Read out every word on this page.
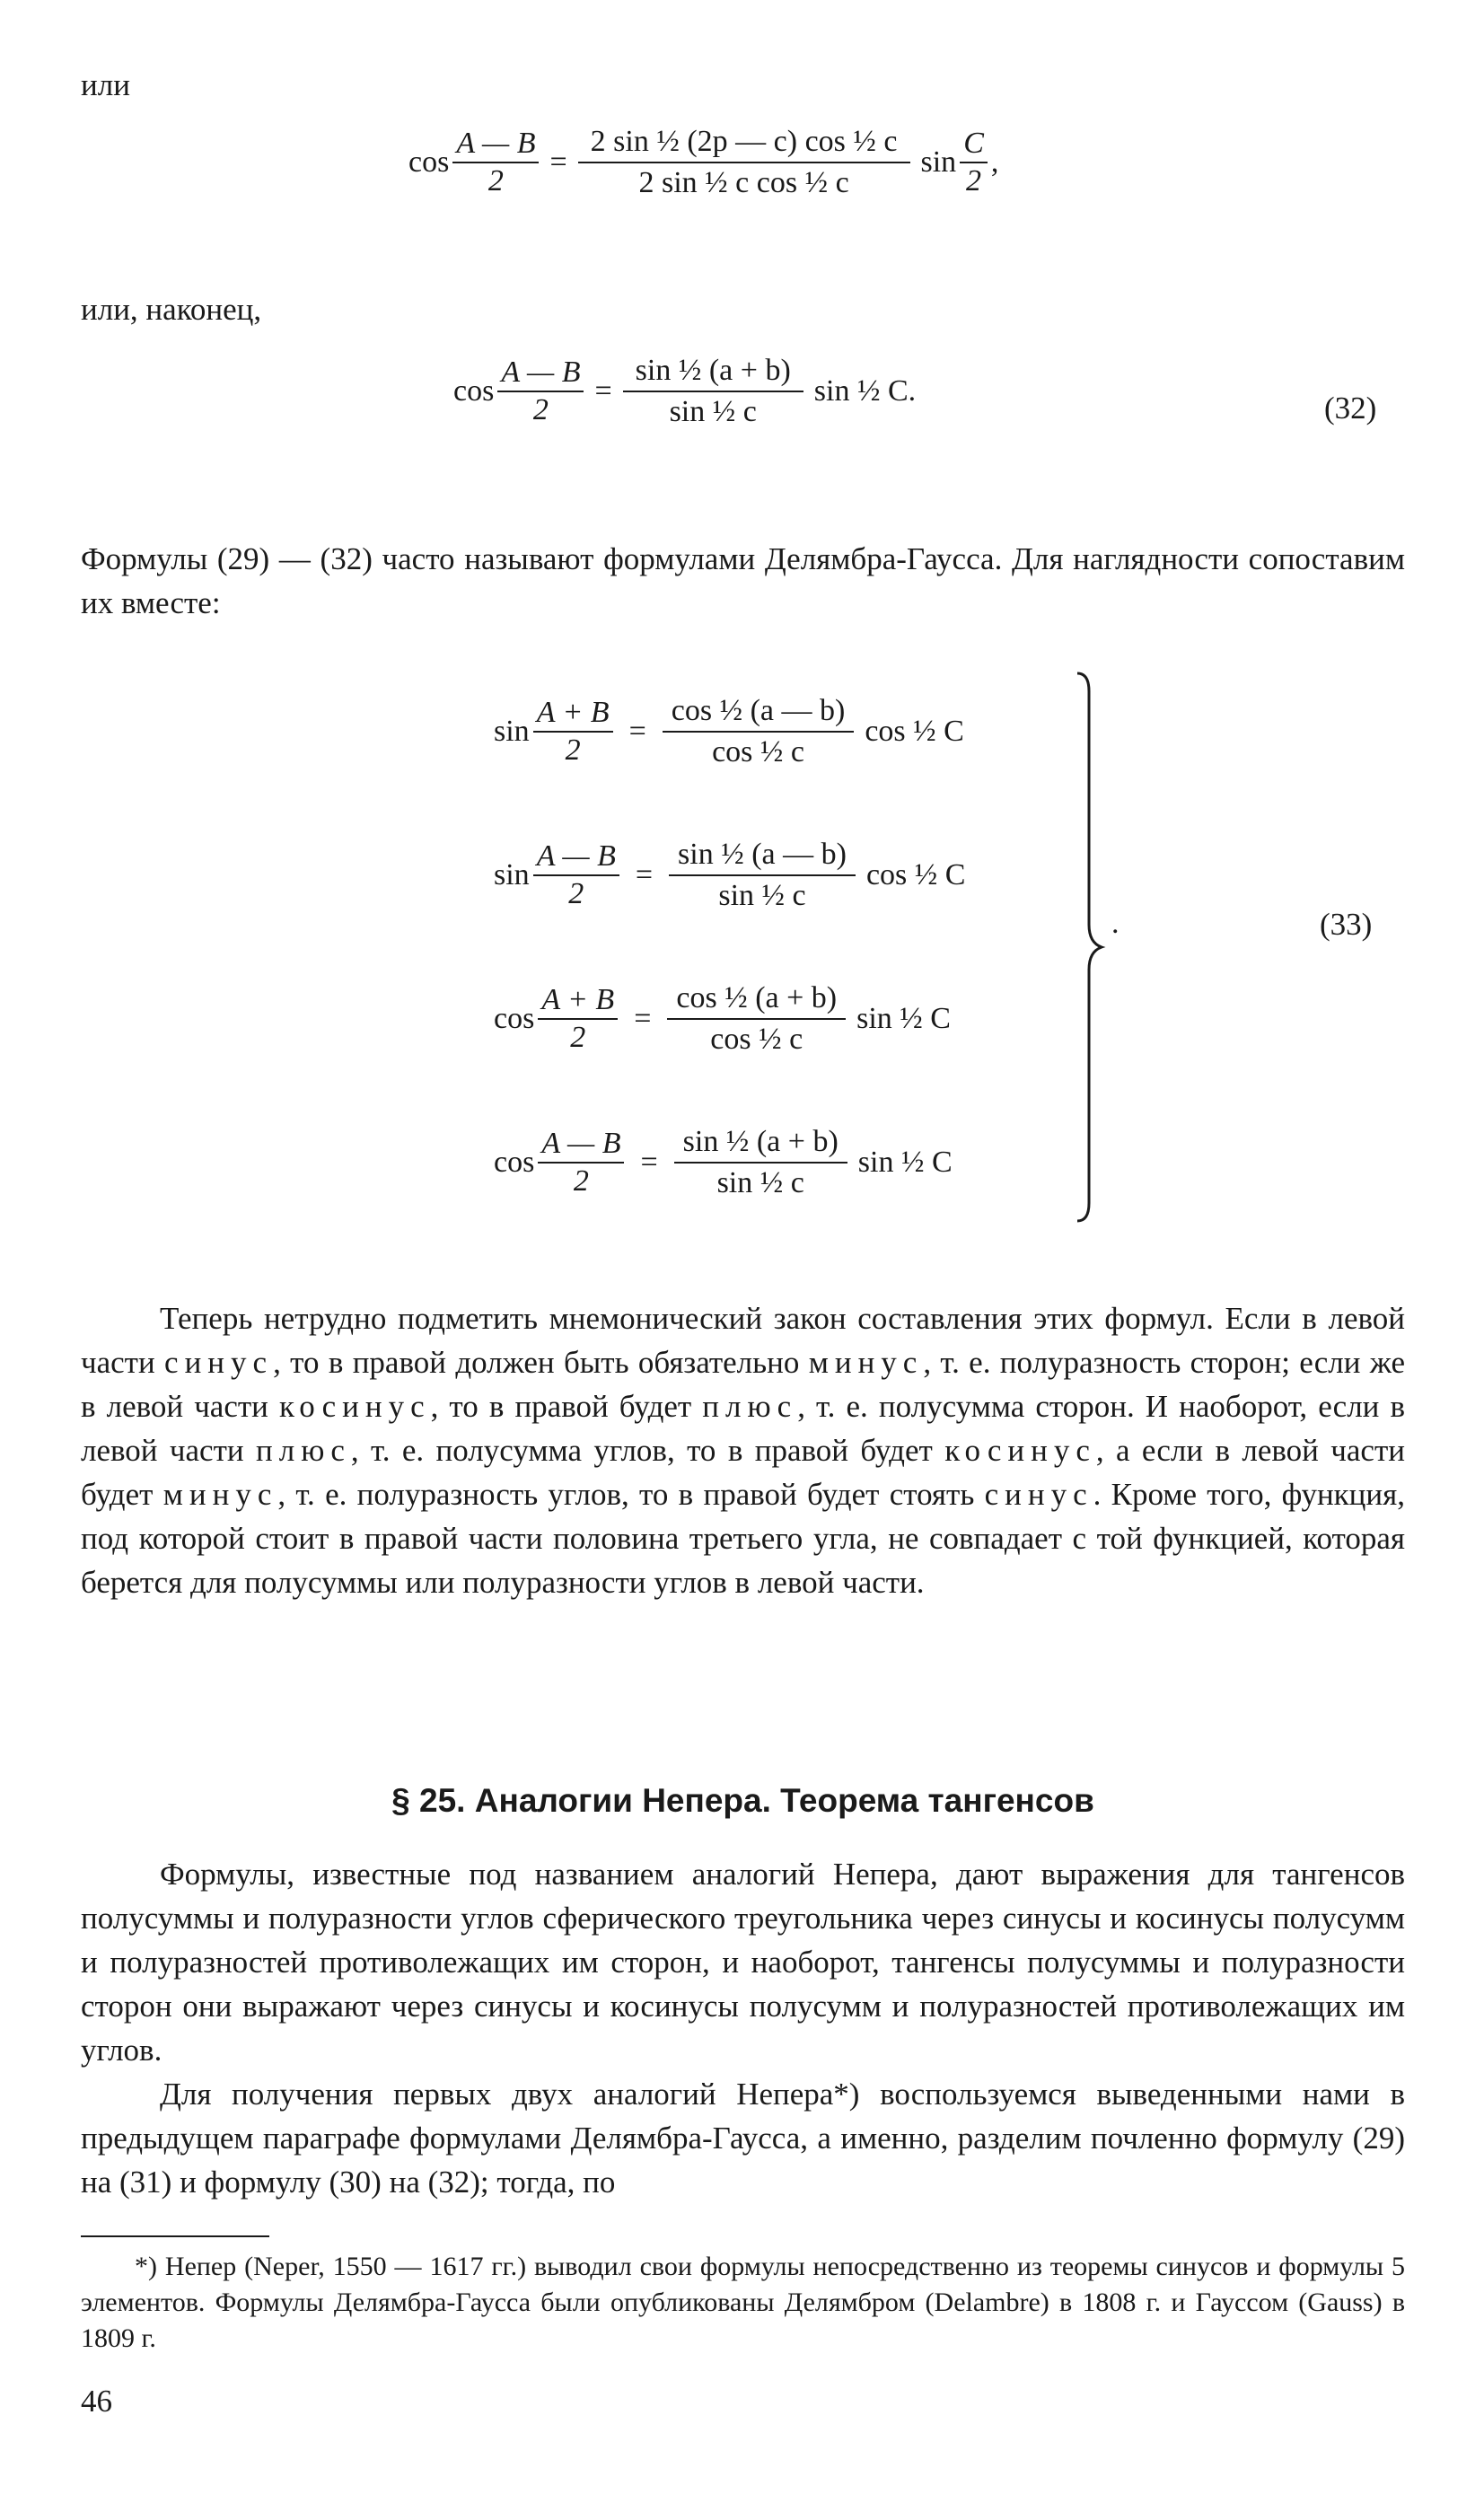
или
$\cos \frac{A — B}{2} = \frac{\text{2 sin ½ (2p — c) cos ½ c}}{\text{2 sin ½ c cos ½ c}}$ $\sin \frac{C}{2}$ ,
или, наконец,
$\cos \frac{A — B}{2} = \frac{\text{sin ½ (a + b)}}{\text{sin ½ c}}$ sin ½ C.	(32)
Формулы (29) — (32) часто называют формулами Делямбра-Гаусса. Для наглядности сопоставим их вместе:
$\sin \frac{A + B}{2} = \frac{\text{cos ½ (a — b)}}{\text{cos ½ c}}$ cos ½ C
$\sin \frac{A — B}{2} = \frac{\text{sin ½ (a — b)}}{\text{sin ½ c}}$ cos ½ C
$\cos \frac{A + B}{2} = \frac{\text{cos ½ (a + b)}}{\text{cos ½ c}}$ sin ½ C
$\cos \frac{A — B}{2} = \frac{\text{sin ½ (a + b)}}{\text{sin ½ c}}$ sin ½ C
.	(33)
Теперь нетрудно подметить мнемонический закон составления этих формул. Если в левой части синус, то в правой должен быть обязательно минус, т. е. полуразность сторон; если же в левой части косинус, то в правой будет плюс, т. е. полусумма сторон. И наоборот, если в левой части плюс, т. е. полусумма углов, то в правой будет косинус, а если в левой части будет минус, т. е. полуразность углов, то в правой будет стоять синус. Кроме того, функция, под которой стоит в правой части половина третьего угла, не совпадает с той функцией, которая берется для полусуммы или полуразности углов в левой части.
§ 25. Аналогии Непера. Теорема тангенсов
Формулы, известные под названием аналогий Непера, дают выражения для тангенсов полусуммы и полуразности углов сферического треугольника через синусы и косинусы полусумм и полуразностей противолежащих им сторон, и наоборот, тангенсы полусуммы и полуразности сторон они выражают через синусы и косинусы полусумм и полуразностей противолежащих им углов.
Для получения первых двух аналогий Непера*) воспользуемся выведенными нами в предыдущем параграфе формулами Делямбра-Гаусса, а именно, разделим почленно формулу (29) на (31) и формулу (30) на (32); тогда, по
*) Непер (Neper, 1550 — 1617 гг.) выводил свои формулы непосредственно из теоремы синусов и формулы 5 элементов. Формулы Делямбра-Гаусса были опубликованы Делямбром (Delambre) в 1808 г. и Гауссом (Gauss) в 1809 г.
46
